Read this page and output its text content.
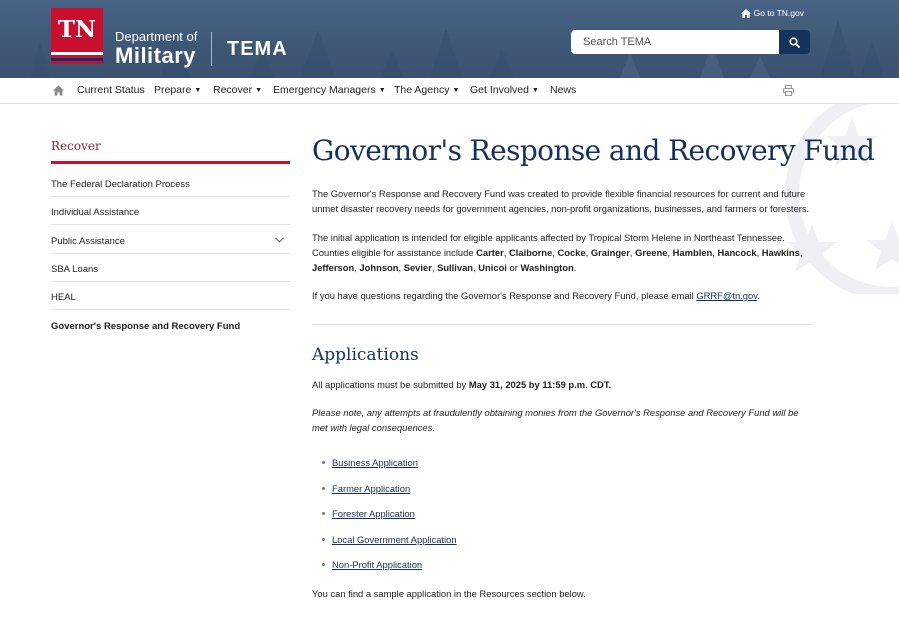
TN	Department of
Military TEMA
Go to TN.gov
Search TEMA
Current Status Prepare ▼ Recover ▼ Emergency Managers ▼ The Agency ▼ Get Involved ▼ News
Recover
The Federal Declaration Process
Individual Assistance
Public Assistance
SBA Loans
HEAL
Governor's Response and Recovery Fund
Governor's Response and Recovery Fund
The Governor's Response and Recovery Fund was created to provide flexible financial resources for current and future unmet disaster recovery needs for government agencies, non-profit organizations, businesses, and farmers or foresters.
The initial application is intended for eligible applicants affected by Tropical Storm Helene in Northeast Tennessee. Counties eligible for assistance include Carter, Claiborne, Cocke, Grainger, Greene, Hamblen, Hancock, Hawkins, Jefferson, Johnson, Sevier, Sullivan, Unicoi or Washington.
If you have questions regarding the Governor's Response and Recovery Fund, please email GRRF@tn.gov.
Applications
All applications must be submitted by May 31, 2025 by 11:59 p.m. CDT.
Please note, any attempts at fraudulently obtaining monies from the Governor's Response and Recovery Fund will be met with legal consequences.
Business Application
Farmer Application
Forester Application
Local Government Application
Non-Profit Application
You can find a sample application in the Resources section below.
